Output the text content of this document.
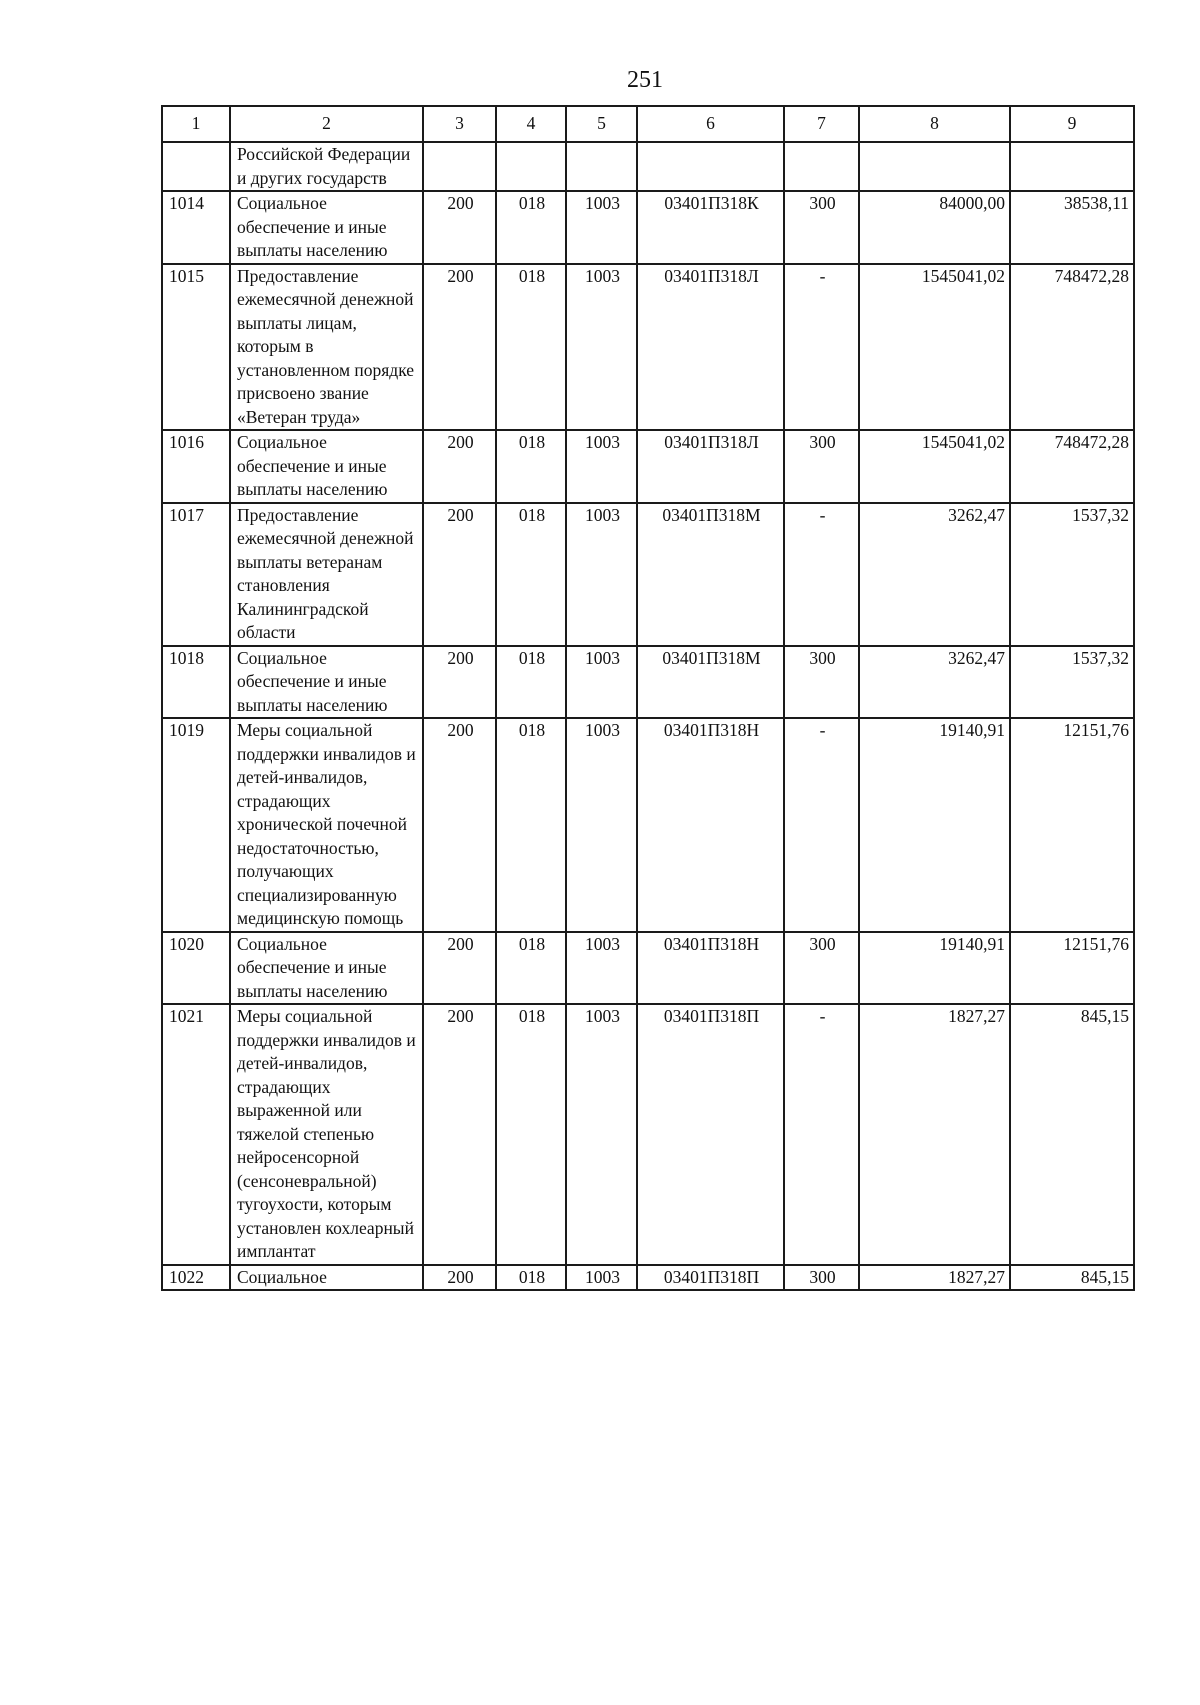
251
1	2	3	4	5	6	7	8	9
	Российской Федерации и других государств							
1014	Социальное обеспечение и иные выплаты населению	200	018	1003	03401П318К	300	84000,00	38538,11
1015	Предоставление ежемесячной денежной выплаты лицам, которым в установленном порядке присвоено звание «Ветеран труда»	200	018	1003	03401П318Л	-	1545041,02	748472,28
1016	Социальное обеспечение и иные выплаты населению	200	018	1003	03401П318Л	300	1545041,02	748472,28
1017	Предоставление ежемесячной денежной выплаты ветеранам становления Калининградской области	200	018	1003	03401П318М	-	3262,47	1537,32
1018	Социальное обеспечение и иные выплаты населению	200	018	1003	03401П318М	300	3262,47	1537,32
1019	Меры социальной поддержки инвалидов и детей-инвалидов, страдающих хронической почечной недостаточностью, получающих специализированную медицинскую помощь	200	018	1003	03401П318Н	-	19140,91	12151,76
1020	Социальное обеспечение и иные выплаты населению	200	018	1003	03401П318Н	300	19140,91	12151,76
1021	Меры социальной поддержки инвалидов и детей-инвалидов, страдающих выраженной или тяжелой степенью нейросенсорной (сенсоневральной) тугоухости, которым установлен кохлеарный имплантат	200	018	1003	03401П318П	-	1827,27	845,15
1022	Социальное	200	018	1003	03401П318П	300	1827,27	845,15
